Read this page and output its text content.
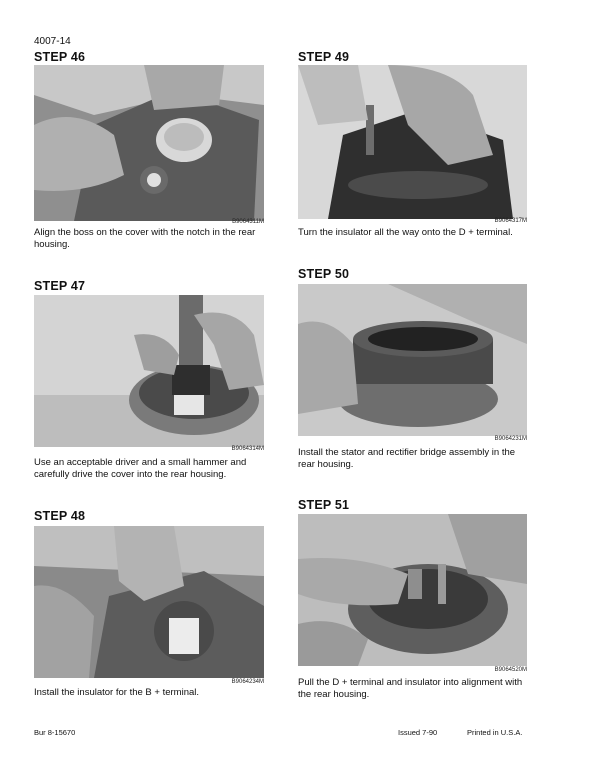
4007-14
STEP 46
B9064311M
Align the boss on the cover with the notch in the rear housing.
STEP 47
B9064314M
Use an acceptable driver and a small hammer and carefully drive the cover into the rear housing.
STEP 48
B9064234M
Install the insulator for the B + terminal.
STEP 49
B9064317M
Turn the insulator all the way onto the D + terminal.
STEP 50
B9064231M
Install the stator and rectifier bridge assembly in the rear housing.
STEP 51
B9064520M
Pull the D + terminal and insulator into alignment with the rear housing.
Bur 8-15670	Issued 7-90	Printed in U.S.A.
